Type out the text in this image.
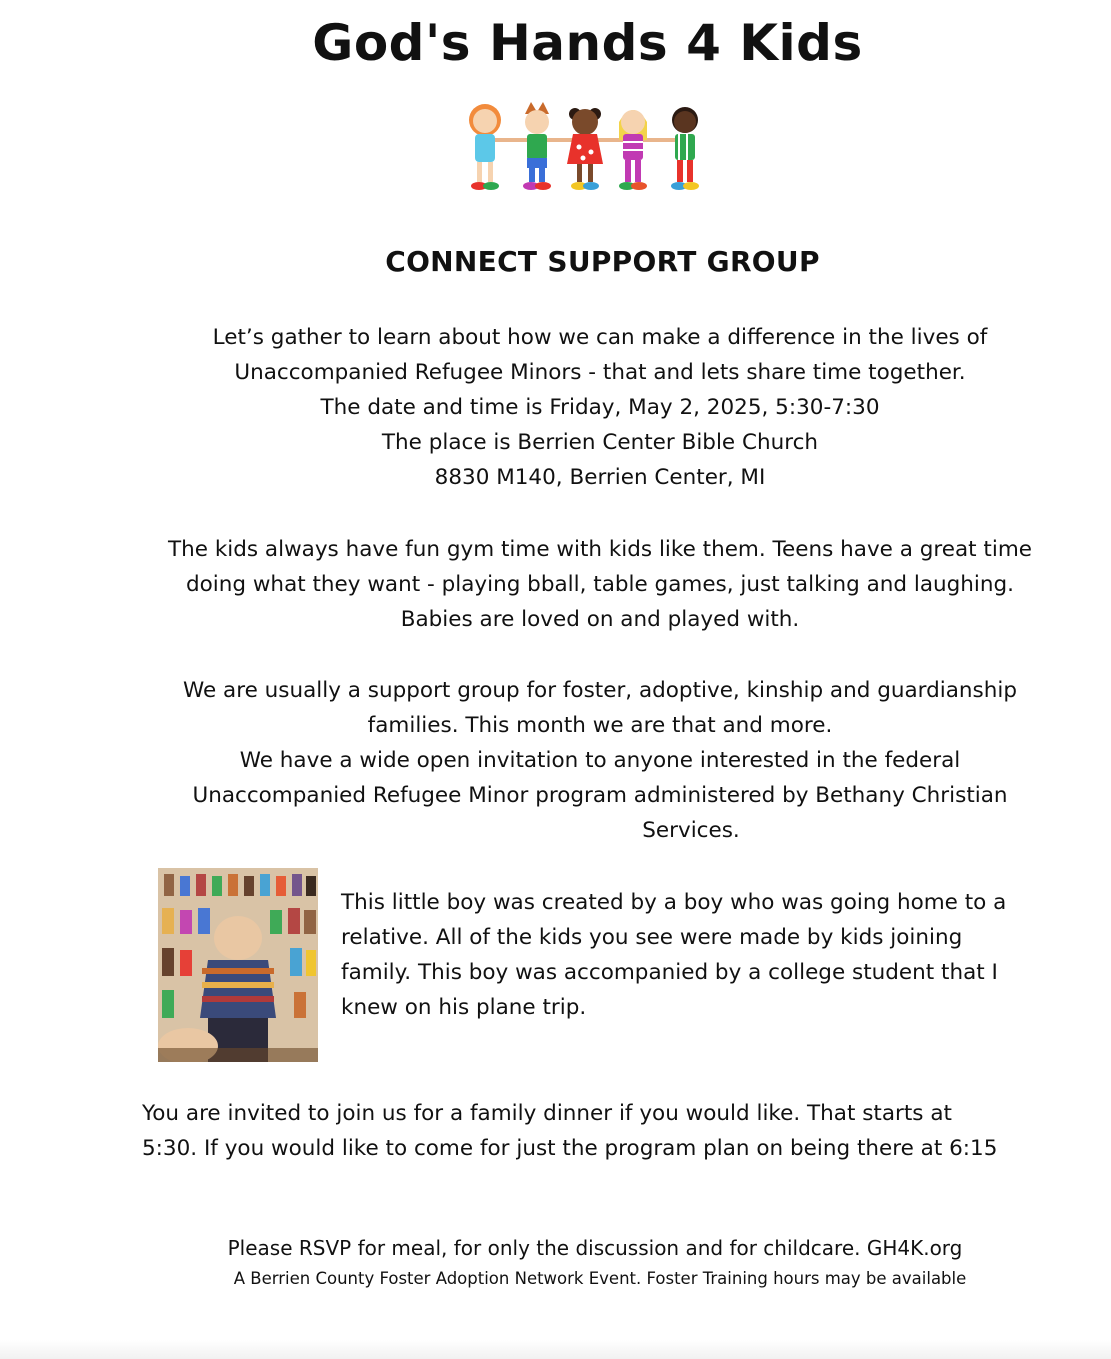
God's Hands 4 Kids
CONNECT SUPPORT GROUP

Let’s gather to learn about how we can make a difference in the lives of

Unaccompanied Refugee Minors - that and lets share time together.

The date and time is Friday, May 2, 2025, 5:30-7:30

The place is Berrien Center Bible Church

8830 M140, Berrien Center, MI

The kids always have fun gym time with kids like them. Teens have a great time

doing what they want - playing bball, table games, just talking and laughing.

Babies are loved on and played with.

We are usually a support group for foster, adoptive, kinship and guardianship

families. This month we are that and more.

We have a wide open invitation to anyone interested in the federal

Unaccompanied Refugee Minor program administered by Bethany Christian

Services.

This little boy was created by a boy who was going home to a
relative. All of the kids you see were made by kids joining
family. This boy was accompanied by a college student that I
knew on his plane trip.
You are invited to join us for a family dinner if you would like. That starts at
5:30. If you would like to come for just the program plan on being there at 6:15

Please RSVP for meal, for only the discussion and for childcare. GH4K.org

A Berrien County Foster Adoption Network Event. Foster Training hours may be available
